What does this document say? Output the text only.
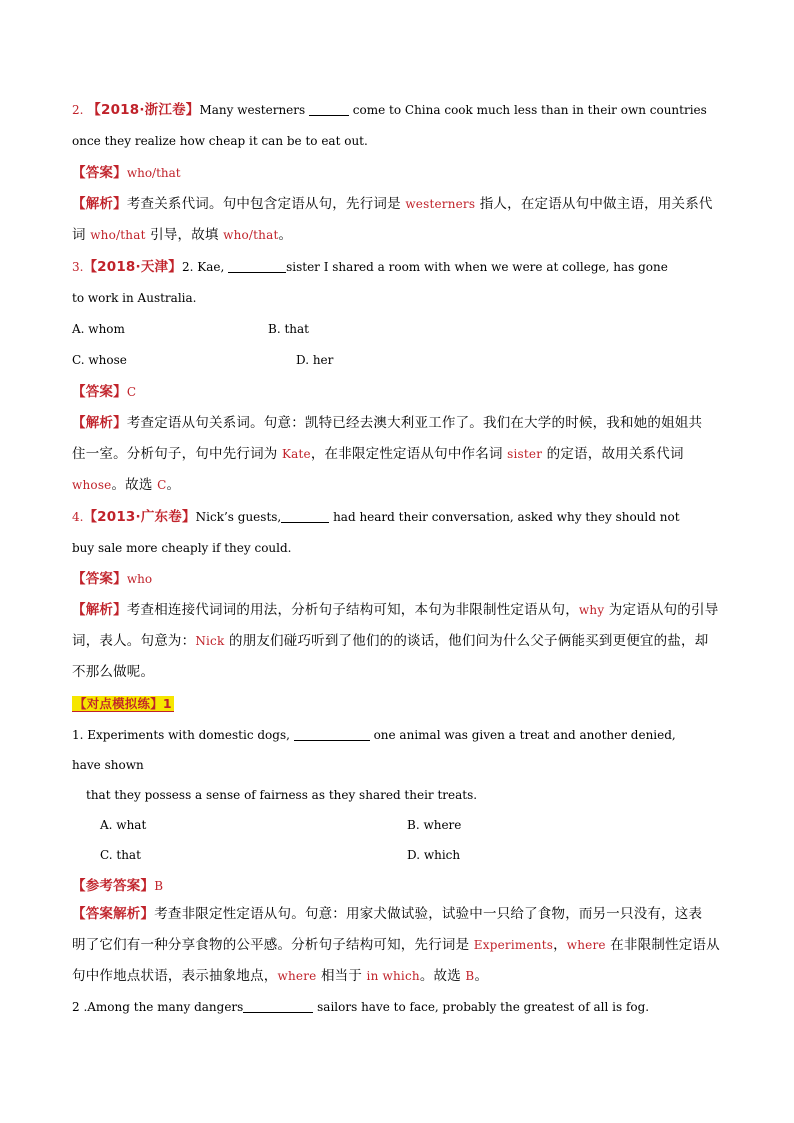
2. 【2018·浙江卷】Many westerners	come to China cook much less than in their own countries
once they realize how cheap it can be to eat out.
【答案】who/that
【解析】考查关系代词。句中包含定语从句，先行词是 westerners 指人，在定语从句中做主语，用关系代
词 who/that 引导，故填 who/that。
3.【2018·天津】2. Kae,	sister I shared a room with when we were at college, has gone
to work in Australia.
A. whom	B. that
C. whose	D. her
【答案】C
【解析】考查定语从句关系词。句意：凯特已经去澳大利亚工作了。我们在大学的时候，我和她的姐姐共
住一室。分析句子，句中先行词为 Kate，在非限定性定语从句中作名词 sister 的定语，故用关系代词
whose。故选 C。
4.【2013·广东卷】Nick’s guests,	had heard their conversation, asked why they should not
buy sale more cheaply if they could.
【答案】who
【解析】考查相连接代词词的用法，分析句子结构可知，本句为非限制性定语从句，why 为定语从句的引导
词，表人。句意为：Nick 的朋友们碰巧听到了他们的的谈话，他们问为什么父子俩能买到更便宜的盐，却
不那么做呢。
【对点模拟练】1
1. Experiments with domestic dogs,	one animal was given a treat and another denied,
have shown
that they possess a sense of fairness as they shared their treats.
A. what	B. where
C. that	D. which
【参考答案】B
【答案解析】考查非限定性定语从句。句意：用家犬做试验，试验中一只给了食物，而另一只没有，这表
明了它们有一种分享食物的公平感。分析句子结构可知，先行词是 Experiments，where 在非限制性定语从
句中作地点状语，表示抽象地点，where 相当于 in which。故选 B。
2 .Among the many dangers	sailors have to face, probably the greatest of all is fog.
